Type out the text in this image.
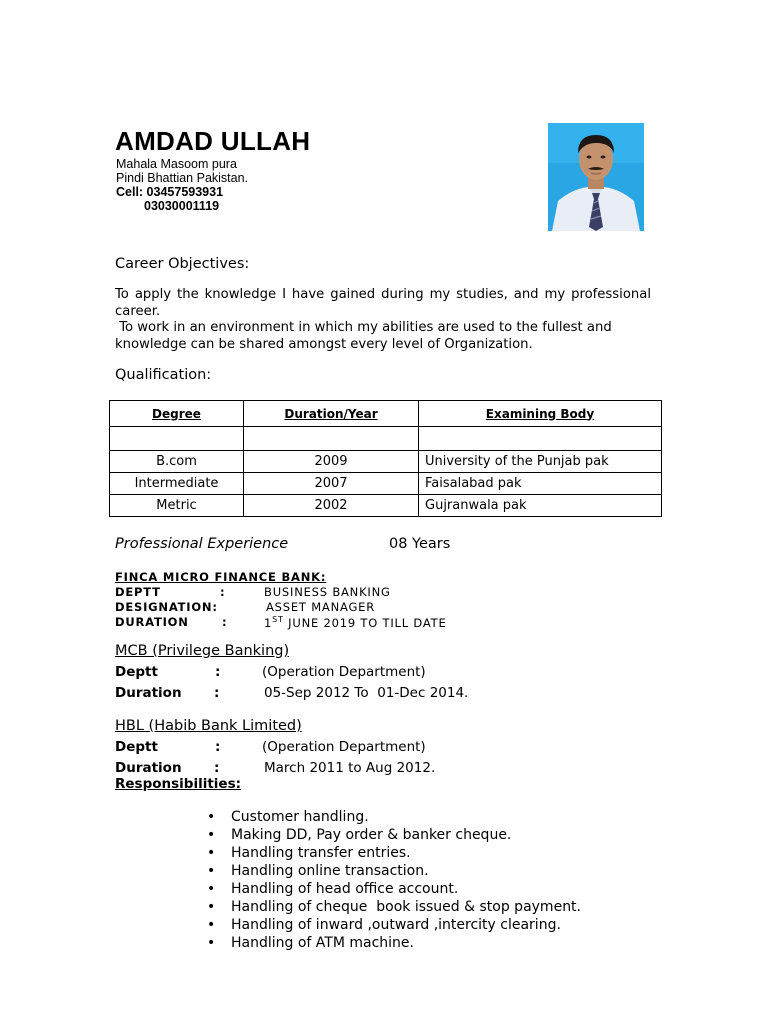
AMDAD ULLAH
Mahala Masoom pura
Pindi Bhattian Pakistan.
Cell: 03457593931
03030001119
Career Objectives:
To apply the knowledge I have gained during my studies, and my professional career.
To work in an environment in which my abilities are used to the fullest and knowledge can be shared amongst every level of Organization.
Qualification:
Degree	Duration/Year	Examining Body

B.com	2009	University of the Punjab pak
Intermediate	2007	Faisalabad pak
Metric	2002	Gujranwala pak
Professional Experience	08 Years
FINCA MICRO FINANCE BANK:
DEPTT	:	BUSINESS BANKING
DESIGNATION:	ASSET MANAGER
DURATION	:	1ST JUNE 2019 TO TILL DATE
MCB (Privilege Banking)
Deptt	:	(Operation Department)
Duration :	05-Sep 2012 To  01-Dec 2014.
HBL (Habib Bank Limited)
Deptt	:	(Operation Department)
Duration :	March 2011 to Aug 2012.
Responsibilities:
• Customer handling.
• Making DD, Pay order & banker cheque.
• Handling transfer entries.
• Handling online transaction.
• Handling of head office account.
• Handling of cheque  book issued & stop payment.
• Handling of inward ,outward ,intercity clearing.
• Handling of ATM machine.
